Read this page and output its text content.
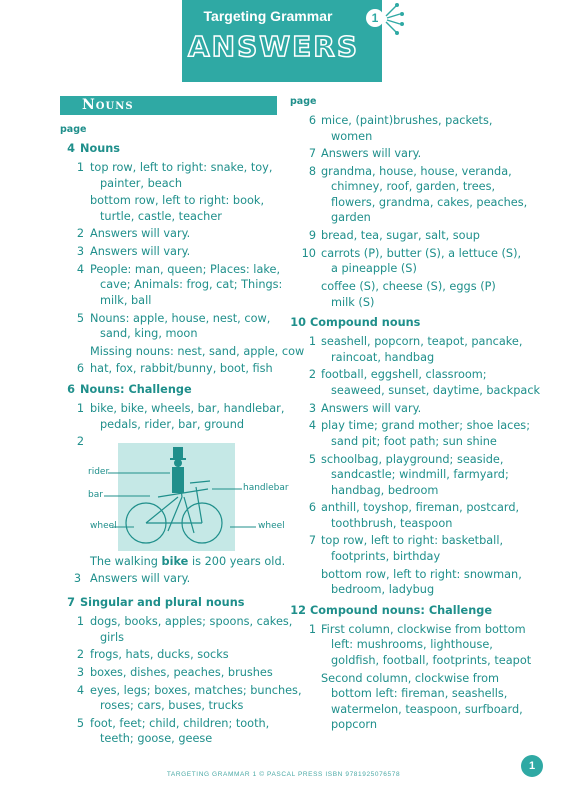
Targeting Grammar
ANSWERS
1
Nouns
rider
bar
wheel
handlebar
wheel
The walking bike is 200 years old.
3 Answers will vary.
TARGETING GRAMMAR 1 © PASCAL PRESS ISBN 9781925076578
1
page
4 Nouns
1 top row, left to right: snake, toy,
painter, beach
bottom row, left to right: book,
turtle, castle, teacher
2 Answers will vary.
3 Answers will vary.
4 People: man, queen; Places: lake,
cave; Animals: frog, cat; Things:
milk, ball
5 Nouns: apple, house, nest, cow,
sand, king, moon
Missing nouns: nest, sand, apple, cow
6 hat, fox, rabbit/bunny, boot, fish
6 Nouns: Challenge
1 bike, bike, wheels, bar, handlebar,
pedals, rider, bar, ground
2
7 Singular and plural nouns
1 dogs, books, apples; spoons, cakes,
girls
2 frogs, hats, ducks, socks
3 boxes, dishes, peaches, brushes
4 eyes, legs; boxes, matches; bunches,
roses; cars, buses, trucks
5 foot, feet; child, children; tooth,
teeth; goose, geese
page
6 mice, (paint)brushes, packets,
women
7 Answers will vary.
8 grandma, house, house, veranda,
chimney, roof, garden, trees,
flowers, grandma, cakes, peaches,
garden
9 bread, tea, sugar, salt, soup
10 carrots (P), butter (S), a lettuce (S),
a pineapple (S)
coffee (S), cheese (S), eggs (P)
milk (S)
10 Compound nouns
1 seashell, popcorn, teapot, pancake,
raincoat, handbag
2 football, eggshell, classroom;
seaweed, sunset, daytime, backpack
3 Answers will vary.
4 play time; grand mother; shoe laces;
sand pit; foot path; sun shine
5 schoolbag, playground; seaside,
sandcastle; windmill, farmyard;
handbag, bedroom
6 anthill, toyshop, fireman, postcard,
toothbrush, teaspoon
7 top row, left to right: basketball,
footprints, birthday
bottom row, left to right: snowman,
bedroom, ladybug
12 Compound nouns: Challenge
1 First column, clockwise from bottom
left: mushrooms, lighthouse,
goldfish, football, footprints, teapot
Second column, clockwise from
bottom left: fireman, seashells,
watermelon, teaspoon, surfboard,
popcorn
